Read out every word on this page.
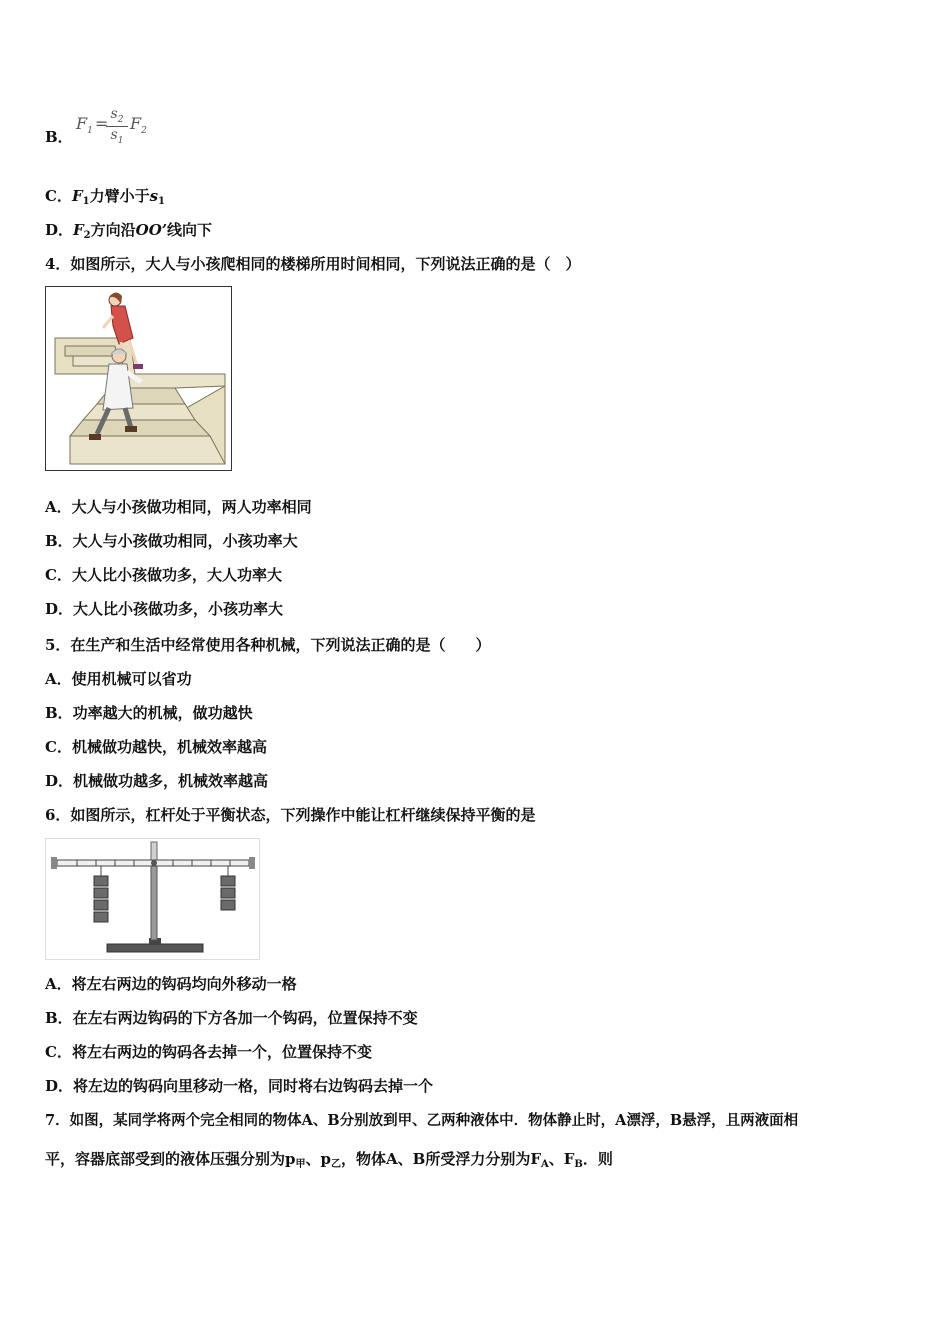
B．
$F_1$ =
$\frac{s_2}{s_1} F_2$
C．$F_1$力臂小于$s_1$
D．$F_2$方向沿OO’线向下
4．如图所示，大人与小孩爬相同的楼梯所用时间相同，下列说法正确的是（　）
A．大人与小孩做功相同，两人功率相同
B．大人与小孩做功相同，小孩功率大
C．大人比小孩做功多，大人功率大
D．大人比小孩做功多，小孩功率大
5．在生产和生活中经常使用各种机械，下列说法正确的是（　　）
A．使用机械可以省功
B．功率越大的机械，做功越快
C．机械做功越快，机械效率越高
D．机械做功越多，机械效率越高
6．如图所示，杠杆处于平衡状态，下列操作中能让杠杆继续保持平衡的是
A．将左右两边的钩码均向外移动一格
B．在左右两边钩码的下方各加一个钩码，位置保持不变
C．将左右两边的钩码各去掉一个，位置保持不变
D．将左边的钩码向里移动一格，同时将右边钩码去掉一个
7．如图，某同学将两个完全相同的物体A、B分别放到甲、乙两种液体中．物体静止时，A漂浮，B悬浮，且两液面相
平，容器底部受到的液体压强分别为$p_甲$、$p_乙$，物体A、B所受浮力分别为$F_A$、$F_B$．则
